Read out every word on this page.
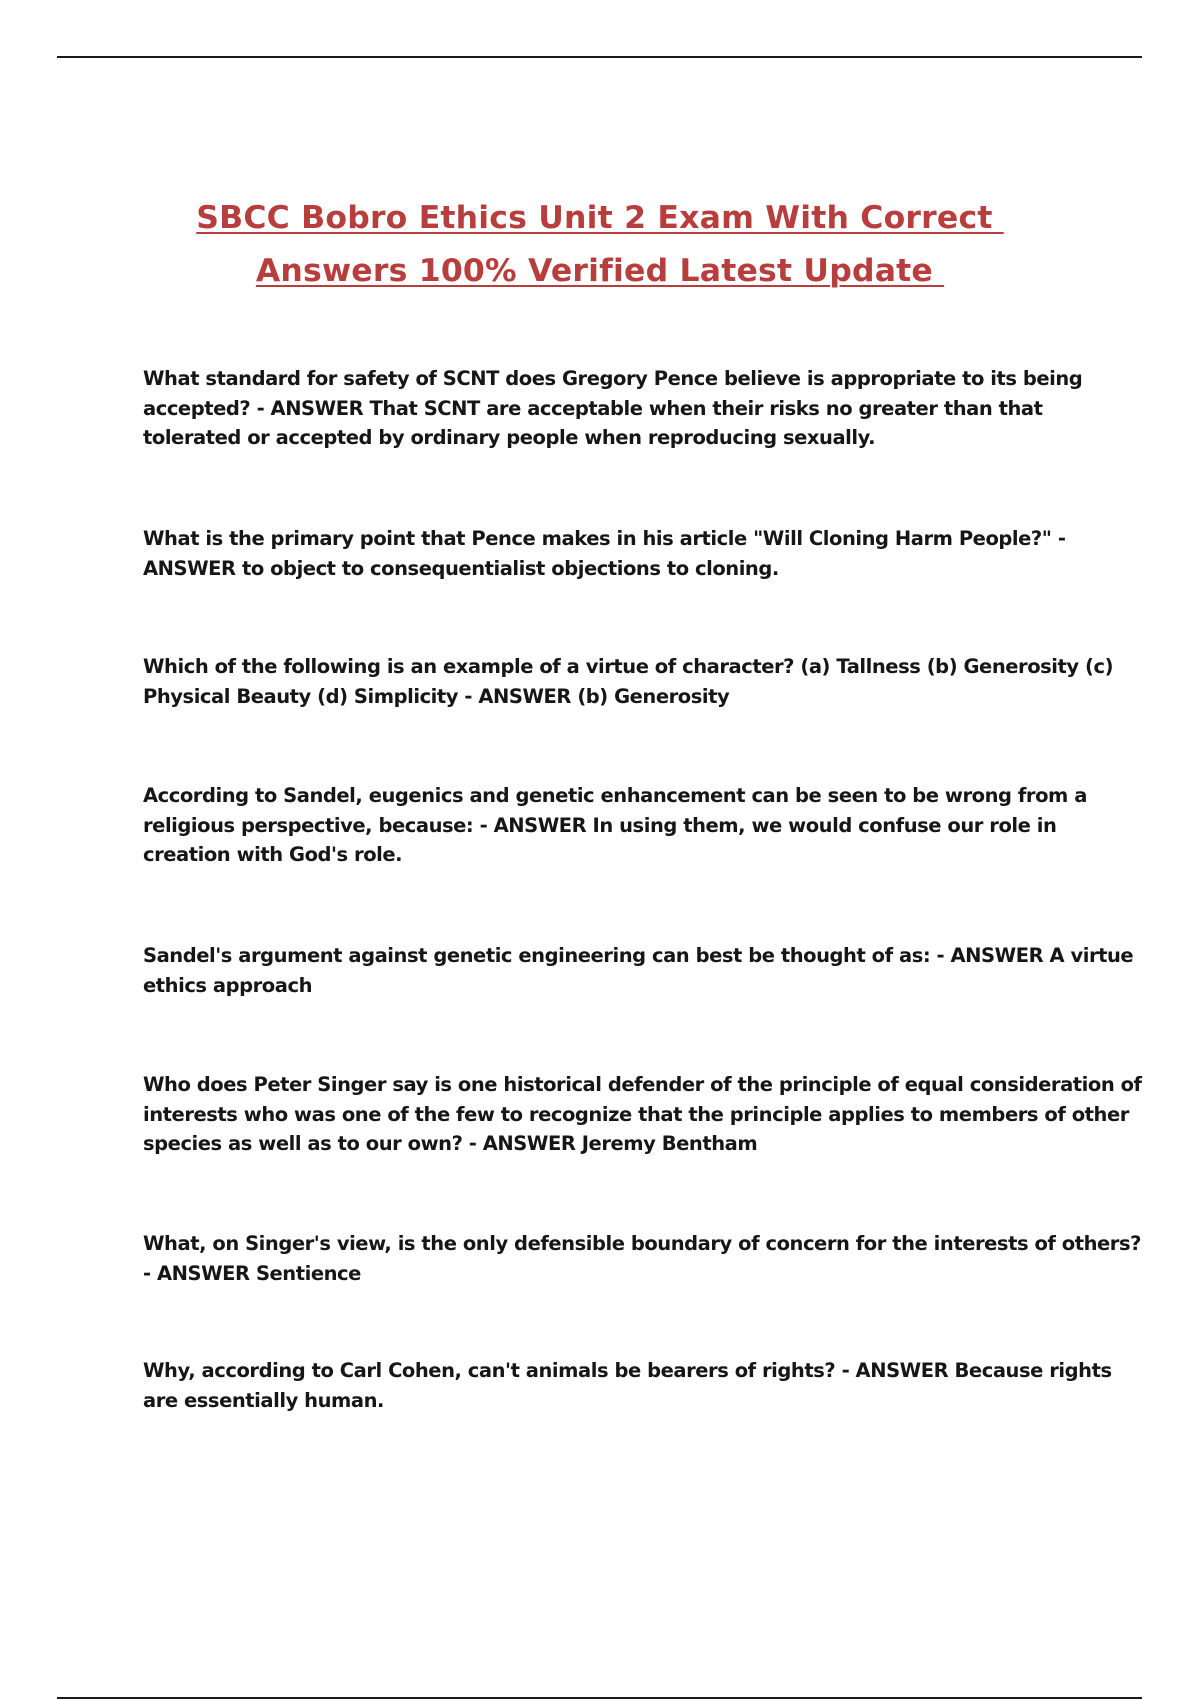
SBCC Bobro Ethics Unit 2 Exam With Correct
Answers 100% Verified Latest Update

What standard for safety of SCNT does Gregory Pence believe is appropriate to its being accepted? - ANSWER That SCNT are acceptable when their risks no greater than that tolerated or accepted by ordinary people when reproducing sexually.

What is the primary point that Pence makes in his article "Will Cloning Harm People?" - ANSWER to object to consequentialist objections to cloning.

Which of the following is an example of a virtue of character? (a) Tallness (b) Generosity (c) Physical Beauty (d) Simplicity - ANSWER (b) Generosity

According to Sandel, eugenics and genetic enhancement can be seen to be wrong from a religious perspective, because: - ANSWER In using them, we would confuse our role in creation with God's role.

Sandel's argument against genetic engineering can best be thought of as: - ANSWER A virtue ethics approach

Who does Peter Singer say is one historical defender of the principle of equal consideration of interests who was one of the few to recognize that the principle applies to members of other species as well as to our own? - ANSWER Jeremy Bentham

What, on Singer's view, is the only defensible boundary of concern for the interests of others? - ANSWER Sentience

Why, according to Carl Cohen, can't animals be bearers of rights? - ANSWER Because rights are essentially human.
